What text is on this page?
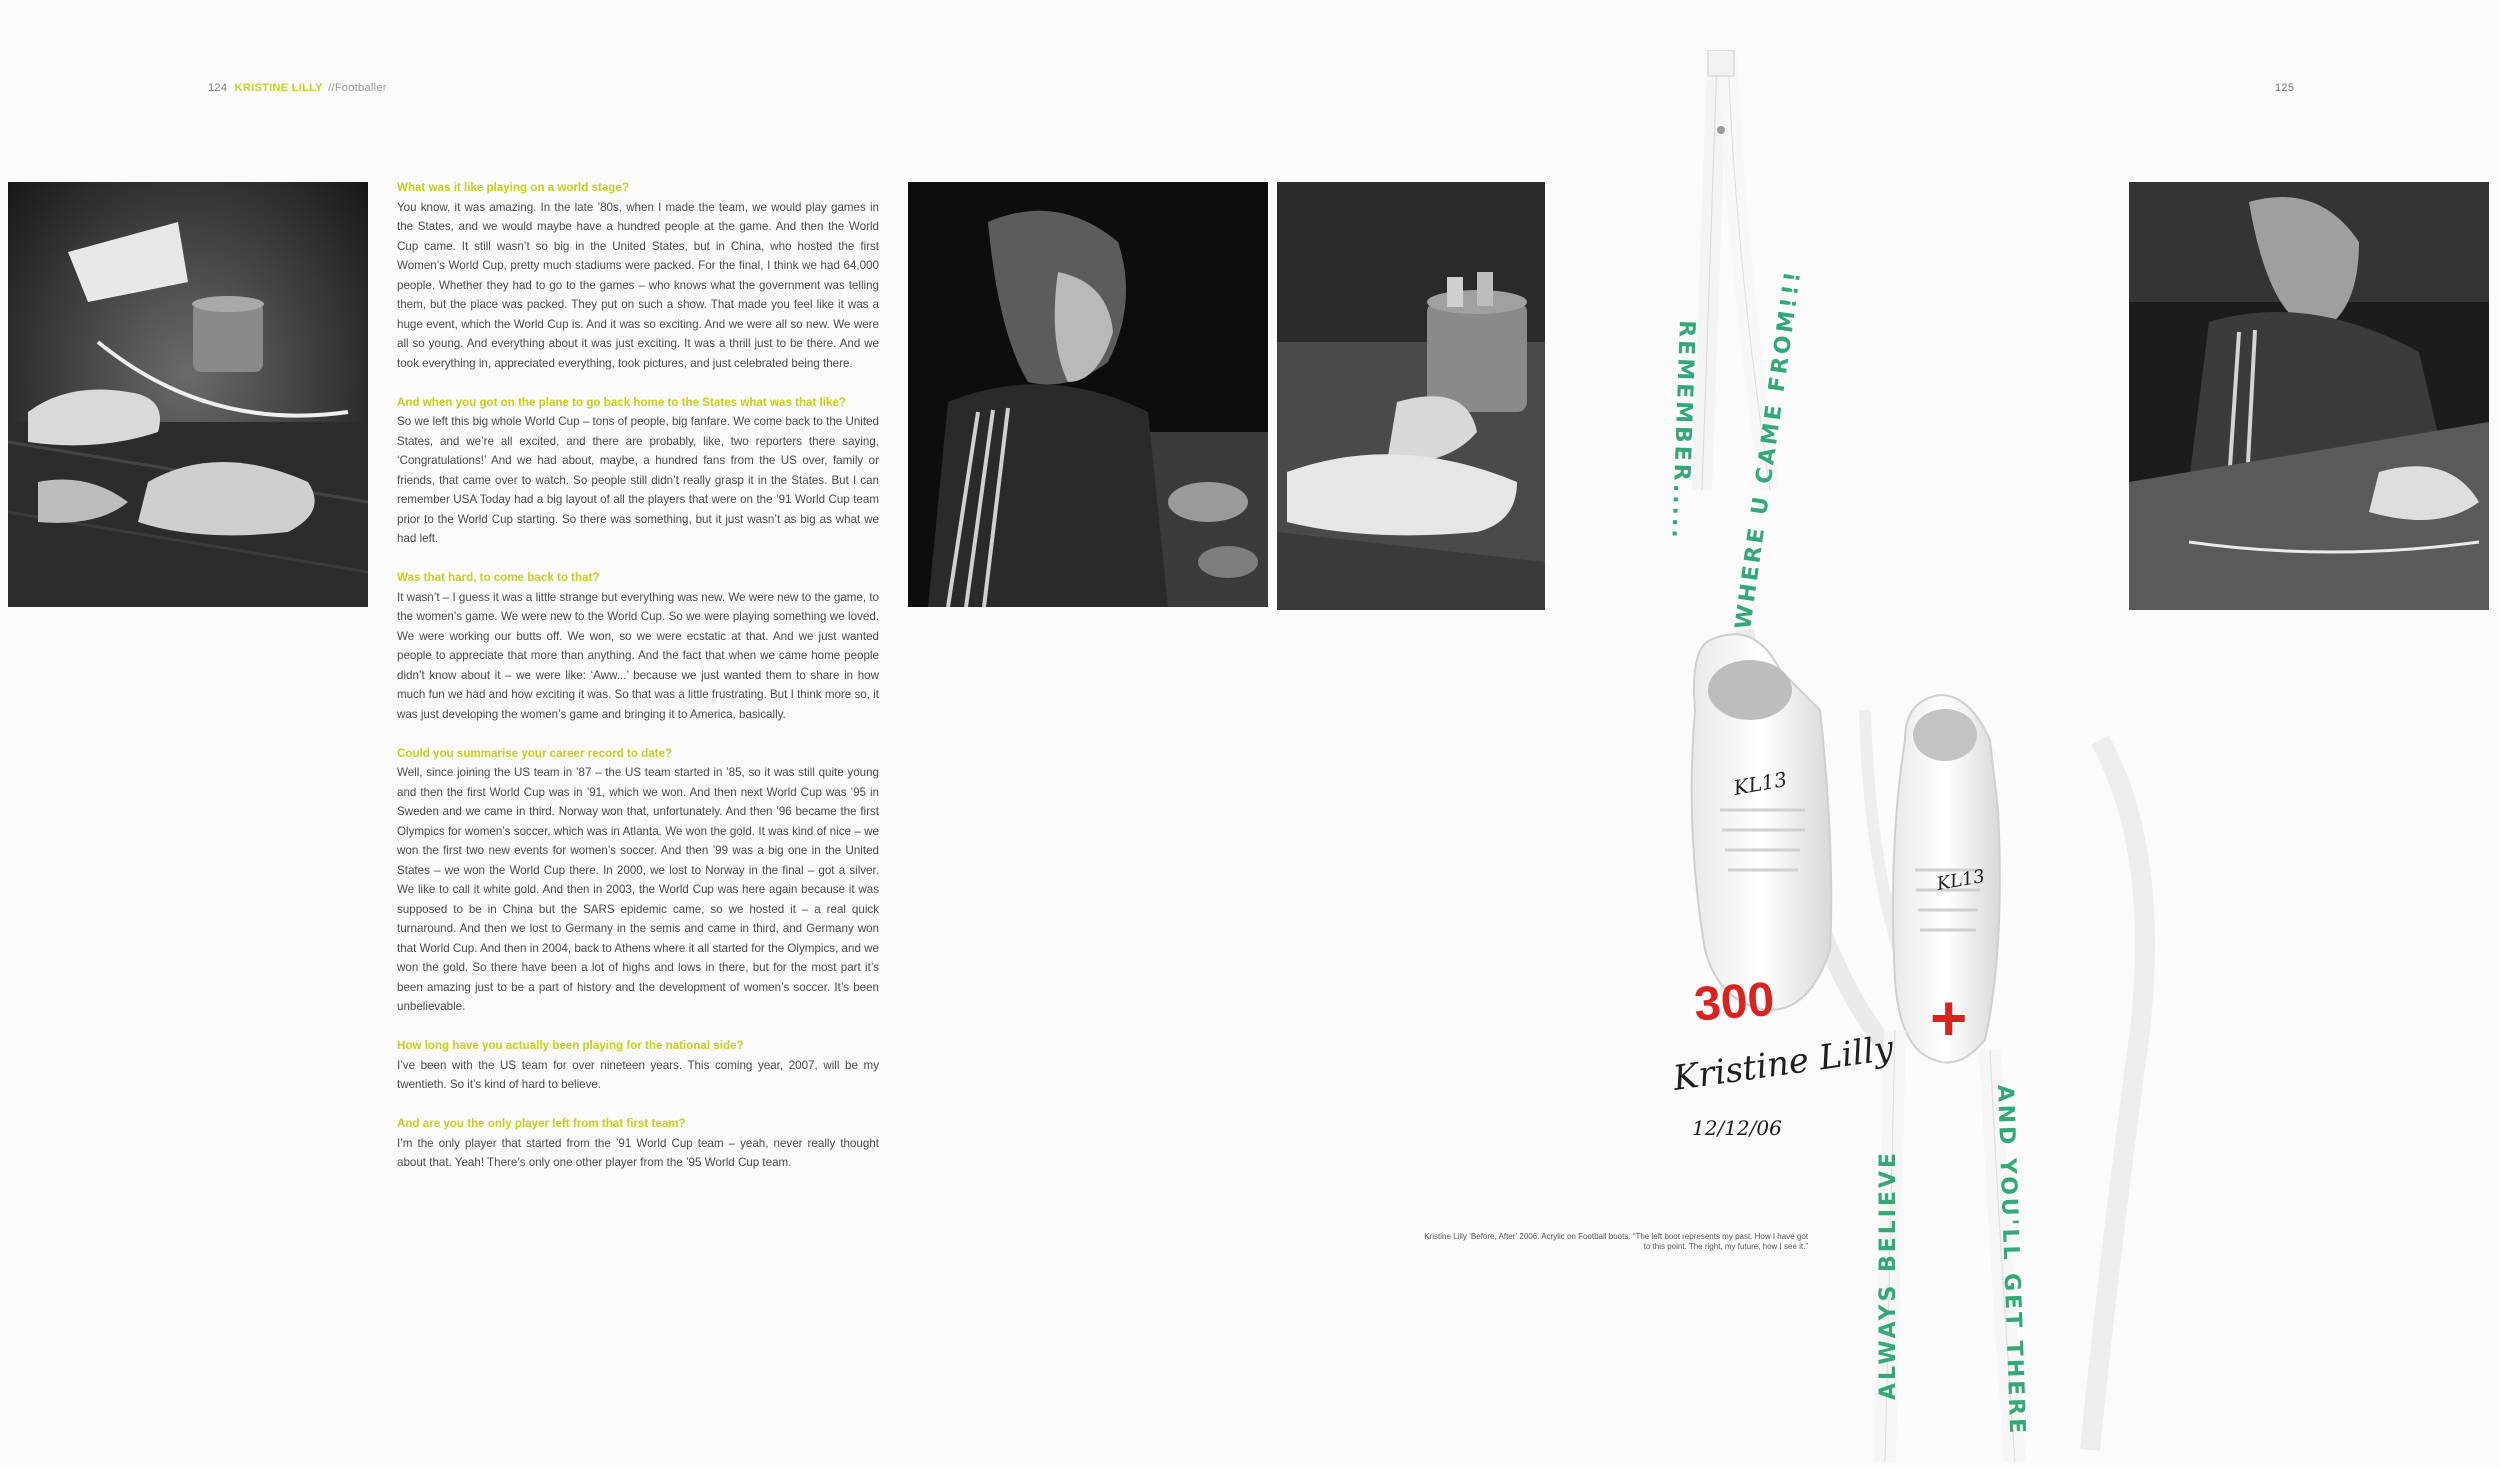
124 KRISTINE LILLY //Footballer	125
What was it like playing on a world stage?
You know, it was amazing. In the late ’80s, when I made the team, we would play games in the States, and we would maybe have a hundred people at the game. And then the World Cup came. It still wasn’t so big in the United States, but in China, who hosted the first Women’s World Cup, pretty much stadiums were packed. For the final, I think we had 64,000 people. Whether they had to go to the games – who knows what the government was telling them, but the place was packed. They put on such a show. That made you feel like it was a huge event, which the World Cup is. And it was so exciting. And we were all so new. We were all so young. And everything about it was just exciting. It was a thrill just to be there. And we took everything in, appreciated everything, took pictures, and just celebrated being there.
And when you got on the plane to go back home to the States what was that like?
So we left this big whole World Cup – tons of people, big fanfare. We come back to the United States, and we’re all excited, and there are probably, like, two reporters there saying, ‘Congratulations!’ And we had about, maybe, a hundred fans from the US over, family or friends, that came over to watch. So people still didn’t really grasp it in the States. But I can remember USA Today had a big layout of all the players that were on the ’91 World Cup team prior to the World Cup starting. So there was something, but it just wasn’t as big as what we had left.
Was that hard, to come back to that?
It wasn’t – I guess it was a little strange but everything was new. We were new to the game, to the women’s game. We were new to the World Cup. So we were playing something we loved. We were working our butts off. We won, so we were ecstatic at that. And we just wanted people to appreciate that more than anything. And the fact that when we came home people didn’t know about it – we were like: ‘Aww...’ because we just wanted them to share in how much fun we had and how exciting it was. So that was a little frustrating. But I think more so, it was just developing the women’s game and bringing it to America, basically.
Could you summarise your career record to date?
Well, since joining the US team in ’87 – the US team started in ’85, so it was still quite young and then the first World Cup was in ’91, which we won. And then next World Cup was ’95 in Sweden and we came in third. Norway won that, unfortunately. And then ’96 became the first Olympics for women’s soccer, which was in Atlanta. We won the gold. It was kind of nice – we won the first two new events for women’s soccer. And then ’99 was a big one in the United States – we won the World Cup there. In 2000, we lost to Norway in the final – got a silver. We like to call it white gold. And then in 2003, the World Cup was here again because it was supposed to be in China but the SARS epidemic came, so we hosted it – a real quick turnaround. And then we lost to Germany in the semis and came in third, and Germany won that World Cup. And then in 2004, back to Athens where it all started for the Olympics, and we won the gold. So there have been a lot of highs and lows in there, but for the most part it’s been amazing just to be a part of history and the development of women’s soccer. It’s been unbelievable.
How long have you actually been playing for the national side?
I’ve been with the US team for over nineteen years. This coming year, 2007, will be my twentieth. So it’s kind of hard to believe.
And are you the only player left from that first team?
I’m the only player that started from the ’91 World Cup team – yeah, never really thought about that. Yeah! There’s only one other player from the ’95 World Cup team.
KL13
300
KL13
+
REMEMBER..... WHERE U CAME FROM!!!
ALWAYS BELIEVE	AND YOU'LL GET THERE
Kristine Lilly
12/12/06
Kristine Lilly ‘Before, After’ 2006. Acrylic on Football boots. “The left boot represents my past. How I have got
to this point. The right, my future, how I see it.”
